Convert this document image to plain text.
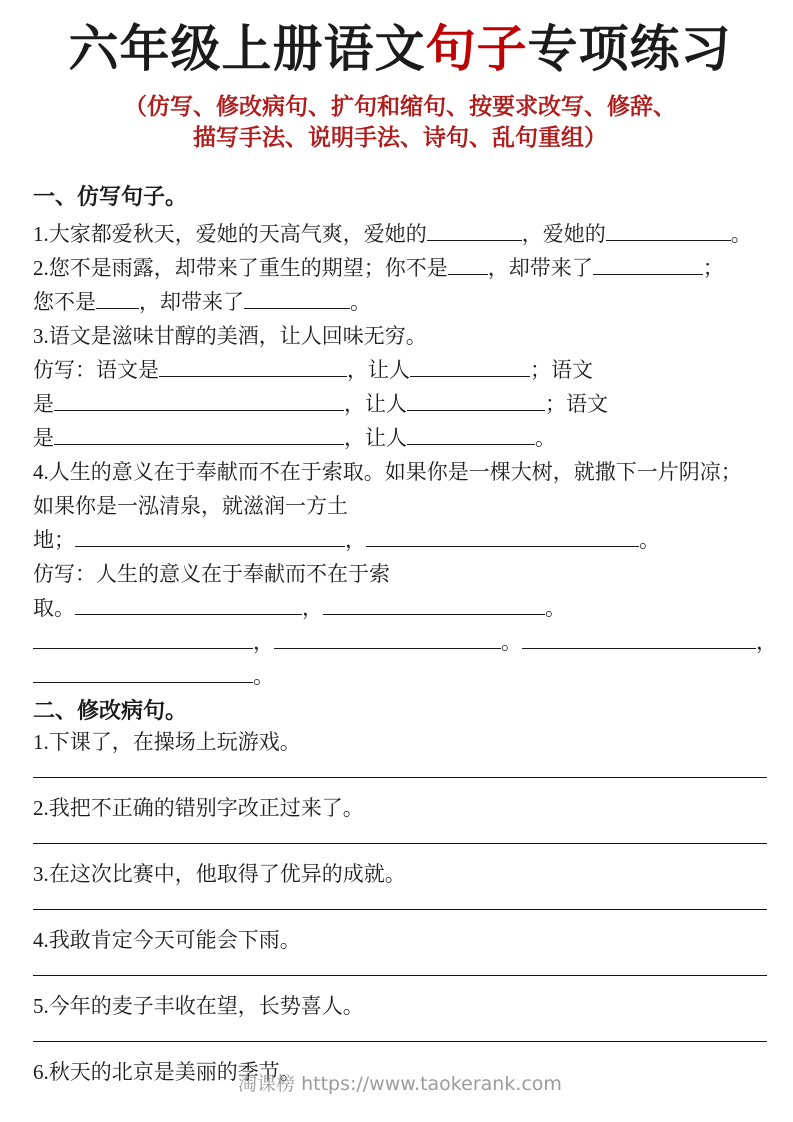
六年级上册语文句子专项练习
（仿写、修改病句、扩句和缩句、按要求改写、修辞、
描写手法、说明手法、诗句、乱句重组）
一、仿写句子。
1.大家都爱秋天，爱她的天高气爽，爱她的	，爱她的	。
2.您不是雨露，却带来了重生的期望；你不是 ，却带来了	；
您不是 ，却带来了	。
3.语文是滋味甘醇的美酒，让人回味无穷。
仿写：语文是	，让人	；语文
是	，让人	；语文
是	，让人	。
4.人生的意义在于奉献而不在于索取。如果你是一棵大树，就撒下一片阴凉；
如果你是一泓清泉，就滋润一方土
地；	，	。
仿写：人生的意义在于奉献而不在于索
取。	，	。
，	。	，
。
二、修改病句。
1.下课了，在操场上玩游戏。
2.我把不正确的错别字改正过来了。
3.在这次比赛中，他取得了优异的成就。
4.我敢肯定今天可能会下雨。
5.今年的麦子丰收在望，长势喜人。
6.秋天的北京是美丽的季节。
淘课榜 https://www.taokerank.com
